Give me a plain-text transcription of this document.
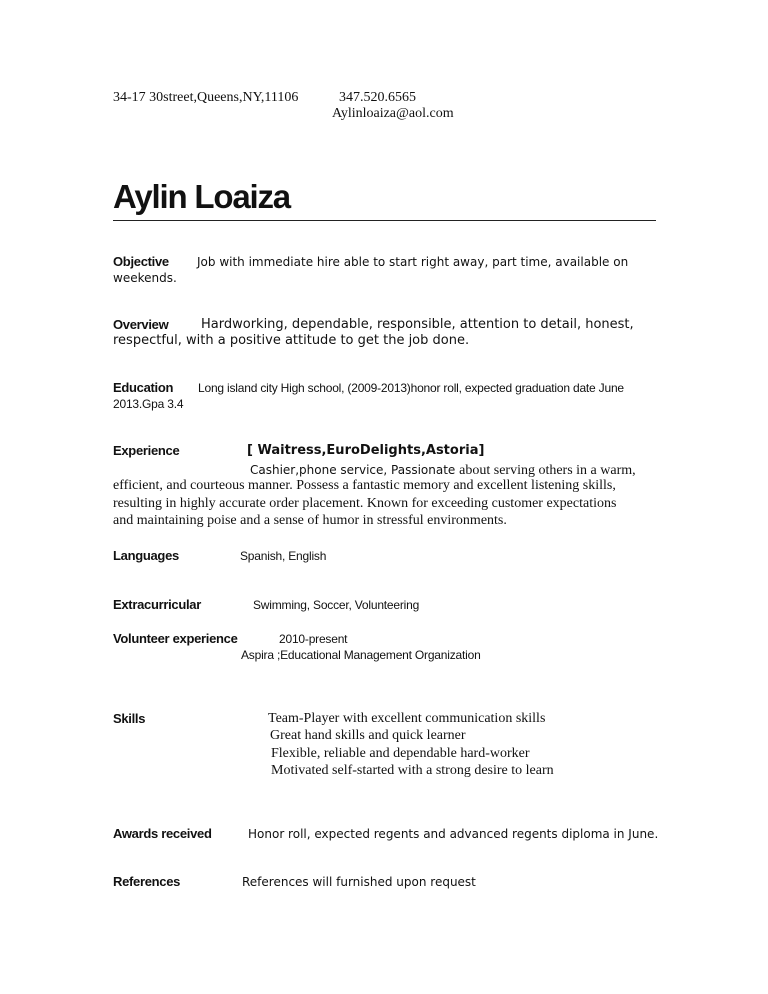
34-17 30street,Queens,NY,11106	347.520.6565
Aylinloaiza@aol.com
Aylin Loaiza
Objective Job with immediate hire able to start right away, part time, available on
weekends.
Overview	Hardworking, dependable, responsible, attention to detail, honest,
respectful, with a positive attitude to get the job done.
Education Long island city High school, (2009-2013)honor roll, expected graduation date June
2013.Gpa 3.4
Experience	[ Waitress,EuroDelights,Astoria]
Cashier,phone service, Passionate about serving others in a warm,
efficient, and courteous manner. Possess a fantastic memory and excellent listening skills,
resulting in highly accurate order placement. Known for exceeding customer expectations
and maintaining poise and a sense of humor in stressful environments.
Languages	Spanish, English
Extracurricular	Swimming, Soccer, Volunteering
Volunteer experience	2010-present
Aspira ;Educational Management Organization
Skills	Team-Player with excellent communication skills
Great hand skills and quick learner
Flexible, reliable and dependable hard-worker
Motivated self-started with a strong desire to learn
Awards received	Honor roll, expected regents and advanced regents diploma in June.
References	References will furnished upon request
